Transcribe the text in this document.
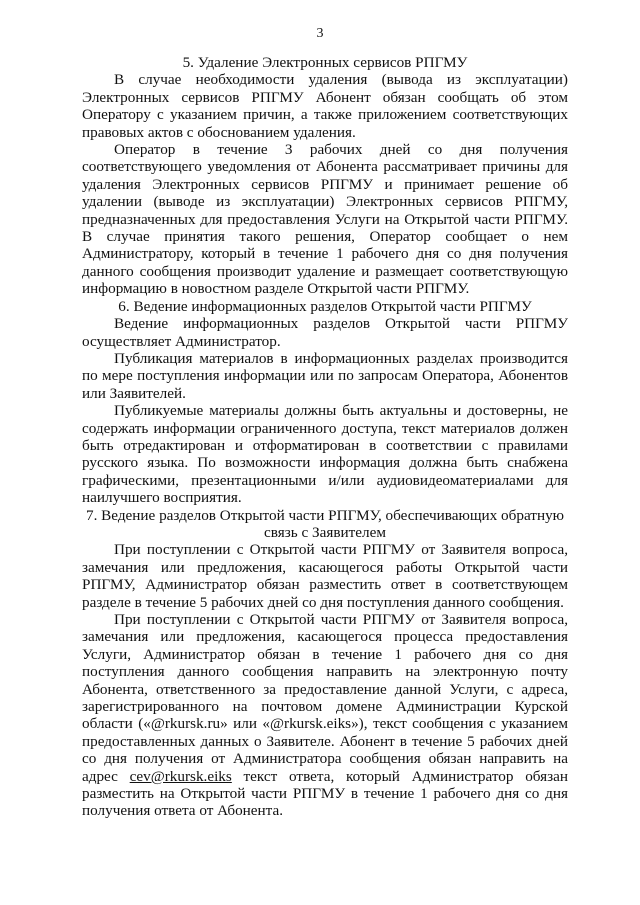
3

5. Удаление Электронных сервисов РПГМУ

В случае необходимости удаления (вывода из эксплуатации) Электронных сервисов РПГМУ Абонент обязан сообщать об этом Оператору с указанием причин, а также приложением соответствующих правовых актов с обоснованием удаления.

Оператор в течение 3 рабочих дней со дня получения соответствующего уведомления от Абонента рассматривает причины для удаления Электронных сервисов РПГМУ и принимает решение об удалении (выводе из эксплуатации) Электронных сервисов РПГМУ, предназначенных для предоставления Услуги на Открытой части РПГМУ. В случае принятия такого решения, Оператор сообщает о нем Администратору, который в течение 1 рабочего дня со дня получения данного сообщения производит удаление и размещает соответствующую информацию в новостном разделе Открытой части РПГМУ.

6. Ведение информационных разделов Открытой части РПГМУ

Ведение информационных разделов Открытой части РПГМУ осуществляет Администратор.

Публикация материалов в информационных разделах производится по мере поступления информации или по запросам Оператора, Абонентов или Заявителей.

Публикуемые материалы должны быть актуальны и достоверны, не содержать информации ограниченного доступа, текст материалов должен быть отредактирован и отформатирован в соответствии с правилами русского языка. По возможности информация должна быть снабжена графическими, презентационными и/или аудиовидеоматериалами для наилучшего восприятия.

7. Ведение разделов Открытой части РПГМУ, обеспечивающих обратную
связь с Заявителем

При поступлении с Открытой части РПГМУ от Заявителя вопроса, замечания или предложения, касающегося работы Открытой части РПГМУ, Администратор обязан разместить ответ в соответствующем разделе в течение 5 рабочих дней со дня поступления данного сообщения.

При поступлении с Открытой части РПГМУ от Заявителя вопроса, замечания или предложения, касающегося процесса предоставления Услуги, Администратор обязан в течение 1 рабочего дня со дня поступления данного сообщения направить на электронную почту Абонента, ответственного за предоставление данной Услуги, с адреса, зарегистрированного на почтовом домене Администрации Курской области («@rkursk.ru» или «@rkursk.eiks»), текст сообщения с указанием предоставленных данных о Заявителе. Абонент в течение 5 рабочих дней со дня получения от Администратора сообщения обязан направить на адрес cev@rkursk.eiks текст ответа, который Администратор обязан разместить на Открытой части РПГМУ в течение 1 рабочего дня со дня получения ответа от Абонента.
